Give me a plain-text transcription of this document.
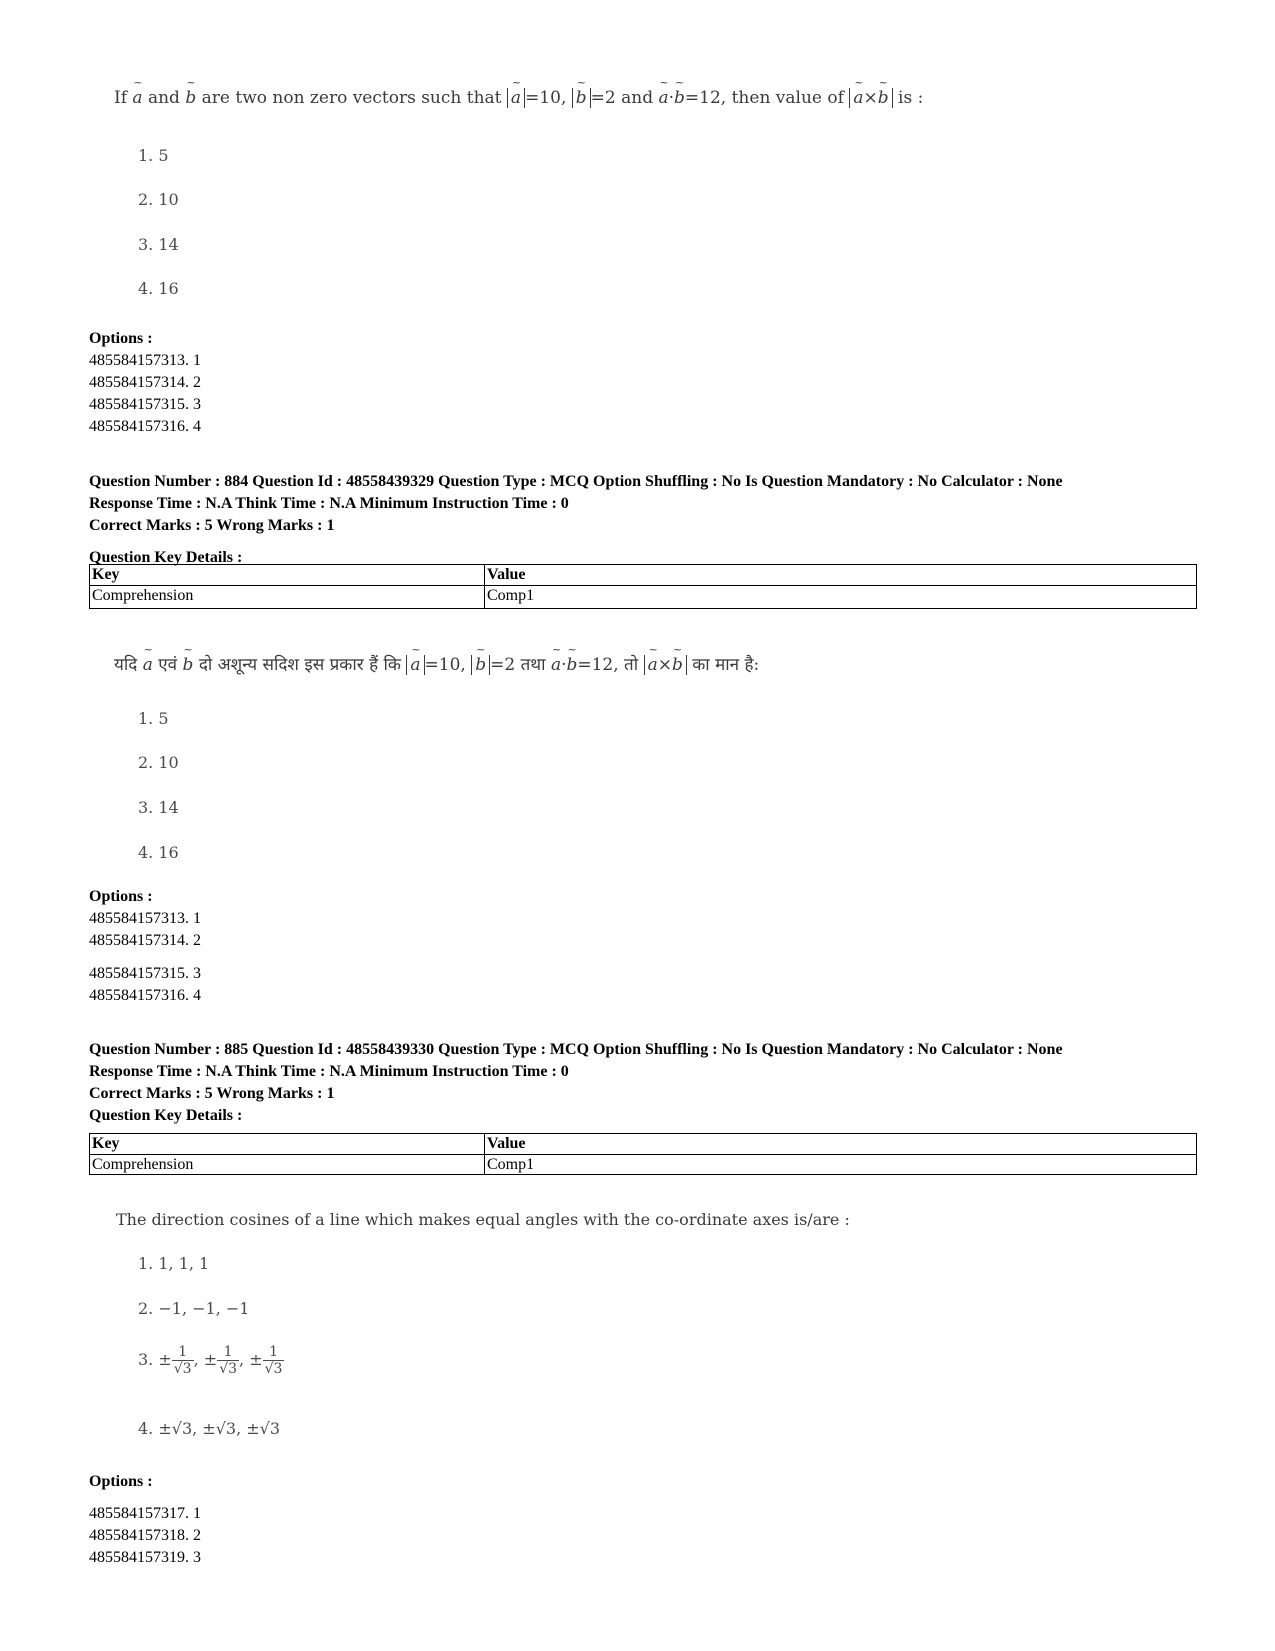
If ~ a and ~ b are two non zero vectors such that ~ a =10, ~ b =2 and ~ a·~ b=12, then value of ~ a×~ b is :
1. 5
2. 10
3. 14
4. 16
Options :
485584157313. 1
485584157314. 2
485584157315. 3
485584157316. 4
Question Number : 884 Question Id : 48558439329 Question Type : MCQ Option Shuffling : No Is Question Mandatory : No Calculator : None
Response Time : N.A Think Time : N.A Minimum Instruction Time : 0
Correct Marks : 5 Wrong Marks : 1
Question Key Details :
Key	Value
Comprehension	Comp1
यदि ~ a एवं ~ b दो अशून्य सदिश इस प्रकार हैं कि ~ a =10, ~ b =2 तथा ~ a·~ b=12, तो ~ a×~ b का मान है:
1. 5
2. 10
3. 14
4. 16
Options :
485584157313. 1
485584157314. 2
485584157315. 3
485584157316. 4
Question Number : 885 Question Id : 48558439330 Question Type : MCQ Option Shuffling : No Is Question Mandatory : No Calculator : None
Response Time : N.A Think Time : N.A Minimum Instruction Time : 0
Correct Marks : 5 Wrong Marks : 1
Question Key Details :
Key	Value
Comprehension	Comp1
The direction cosines of a line which makes equal angles with the co-ordinate axes is/are :
1. 1, 1, 1
2. −1, −1, −1
3. ± $\frac{1}{√3}$ , ± $\frac{1}{√3}$ , ± $\frac{1}{√3}$
4. ±√3, ±√3, ±√3
Options :
485584157317. 1
485584157318. 2
485584157319. 3
